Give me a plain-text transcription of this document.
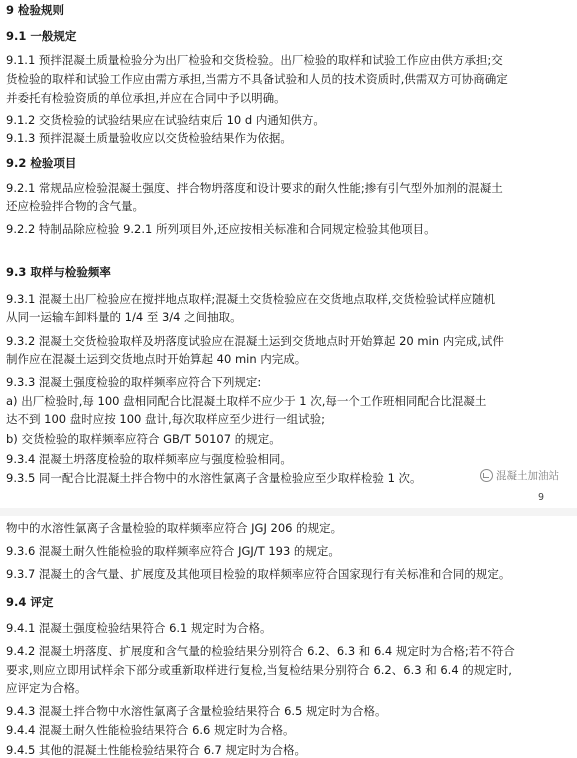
9 检验规则
9.1 一般规定
9.1.1 预拌混凝土质量检验分为出厂检验和交货检验。出厂检验的取样和试验工作应由供方承担;交
货检验的取样和试验工作应由需方承担,当需方不具备试验和人员的技术资质时,供需双方可协商确定
并委托有检验资质的单位承担,并应在合同中予以明确。
9.1.2 交货检验的试验结果应在试验结束后 10 d 内通知供方。
9.1.3 预拌混凝土质量验收应以交货检验结果作为依据。
9.2 检验项目
9.2.1 常规品应检验混凝土强度、拌合物坍落度和设计要求的耐久性能;掺有引气型外加剂的混凝土
还应检验拌合物的含气量。
9.2.2 特制品除应检验 9.2.1 所列项目外,还应按相关标准和合同规定检验其他项目。
9.3 取样与检验频率
9.3.1 混凝土出厂检验应在搅拌地点取样;混凝土交货检验应在交货地点取样,交货检验试样应随机
从同一运输车卸料量的 1/4 至 3/4 之间抽取。
9.3.2 混凝土交货检验取样及坍落度试验应在混凝土运到交货地点时开始算起 20 min 内完成,试件
制作应在混凝土运到交货地点时开始算起 40 min 内完成。
9.3.3 混凝土强度检验的取样频率应符合下列规定:
a) 出厂检验时,每 100 盘相同配合比混凝土取样不应少于 1 次,每一个工作班相同配合比混凝土
达不到 100 盘时应按 100 盘计,每次取样应至少进行一组试验;
b) 交货检验的取样频率应符合 GB/T 50107 的规定。
9.3.4 混凝土坍落度检验的取样频率应与强度检验相同。
9.3.5 同一配合比混凝土拌合物中的水溶性氯离子含量检验应至少取样检验 1 次。	混凝土加油站
9
物中的水溶性氯离子含量检验的取样频率应符合 JGJ 206 的规定。
9.3.6 混凝土耐久性能检验的取样频率应符合 JGJ/T 193 的规定。
9.3.7 混凝土的含气量、扩展度及其他项目检验的取样频率应符合国家现行有关标准和合同的规定。
9.4 评定
9.4.1 混凝土强度检验结果符合 6.1 规定时为合格。
9.4.2 混凝土坍落度、扩展度和含气量的检验结果分别符合 6.2、6.3 和 6.4 规定时为合格;若不符合
要求,则应立即用试样余下部分或重新取样进行复检,当复检结果分别符合 6.2、6.3 和 6.4 的规定时,
应评定为合格。
9.4.3 混凝土拌合物中水溶性氯离子含量检验结果符合 6.5 规定时为合格。
9.4.4 混凝土耐久性能检验结果符合 6.6 规定时为合格。
9.4.5 其他的混凝土性能检验结果符合 6.7 规定时为合格。
